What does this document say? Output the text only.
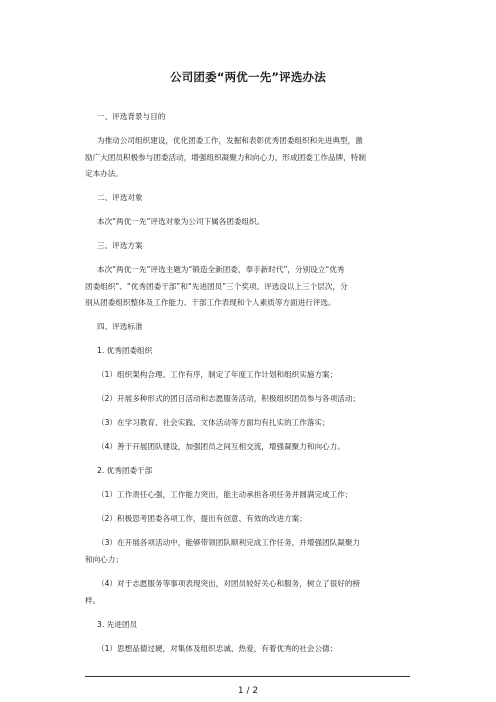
公司团委“两优一先”评选办法
一、评选背景与目的
为推动公司组织建设，优化团委工作，发掘和表彰优秀团委组织和先进典型，激
励广大团员积极参与团委活动，增强组织凝聚力和向心力，形成团委工作品牌，特制
定本办法。
二、评选对象
本次“两优一先”评选对象为公司下属各团委组织。
三、评选方案
本次“两优一先”评选主题为“锻造全新团委，奉手新时代”，分别设立“优秀
团委组织”、“优秀团委干部”和“先进团员”三个奖项。评选设以上三个层次，分
别从团委组织整体及工作能力、干部工作表现和个人素质等方面进行评选。
四、评选标准
1. 优秀团委组织
（1）组织架构合理、工作有序，制定了年度工作计划和组织实施方案；
（2）开展多种形式的团日活动和志愿服务活动，积极组织团员参与各项活动；
（3）在学习教育、社会实践、文体活动等方面均有扎实的工作落实；
（4）善于开展团队建设，加强团员之间互相交流，增强凝聚力和向心力。
2. 优秀团委干部
（1）工作责任心强，工作能力突出，能主动承担各项任务并圆满完成工作；
（2）积极思考团委各项工作，提出有创意、有效的改进方案；
（3）在开展各项活动中，能够带领团队顺利完成工作任务，并增强团队凝聚力
和向心力；
（4）对于志愿服务等事项表现突出，对团员较好关心和服务，树立了很好的榜
样。
3. 先进团员
（1）思想品德过硬，对集体及组织忠诚、热爱，有着优秀的社会公德；
1 / 2
